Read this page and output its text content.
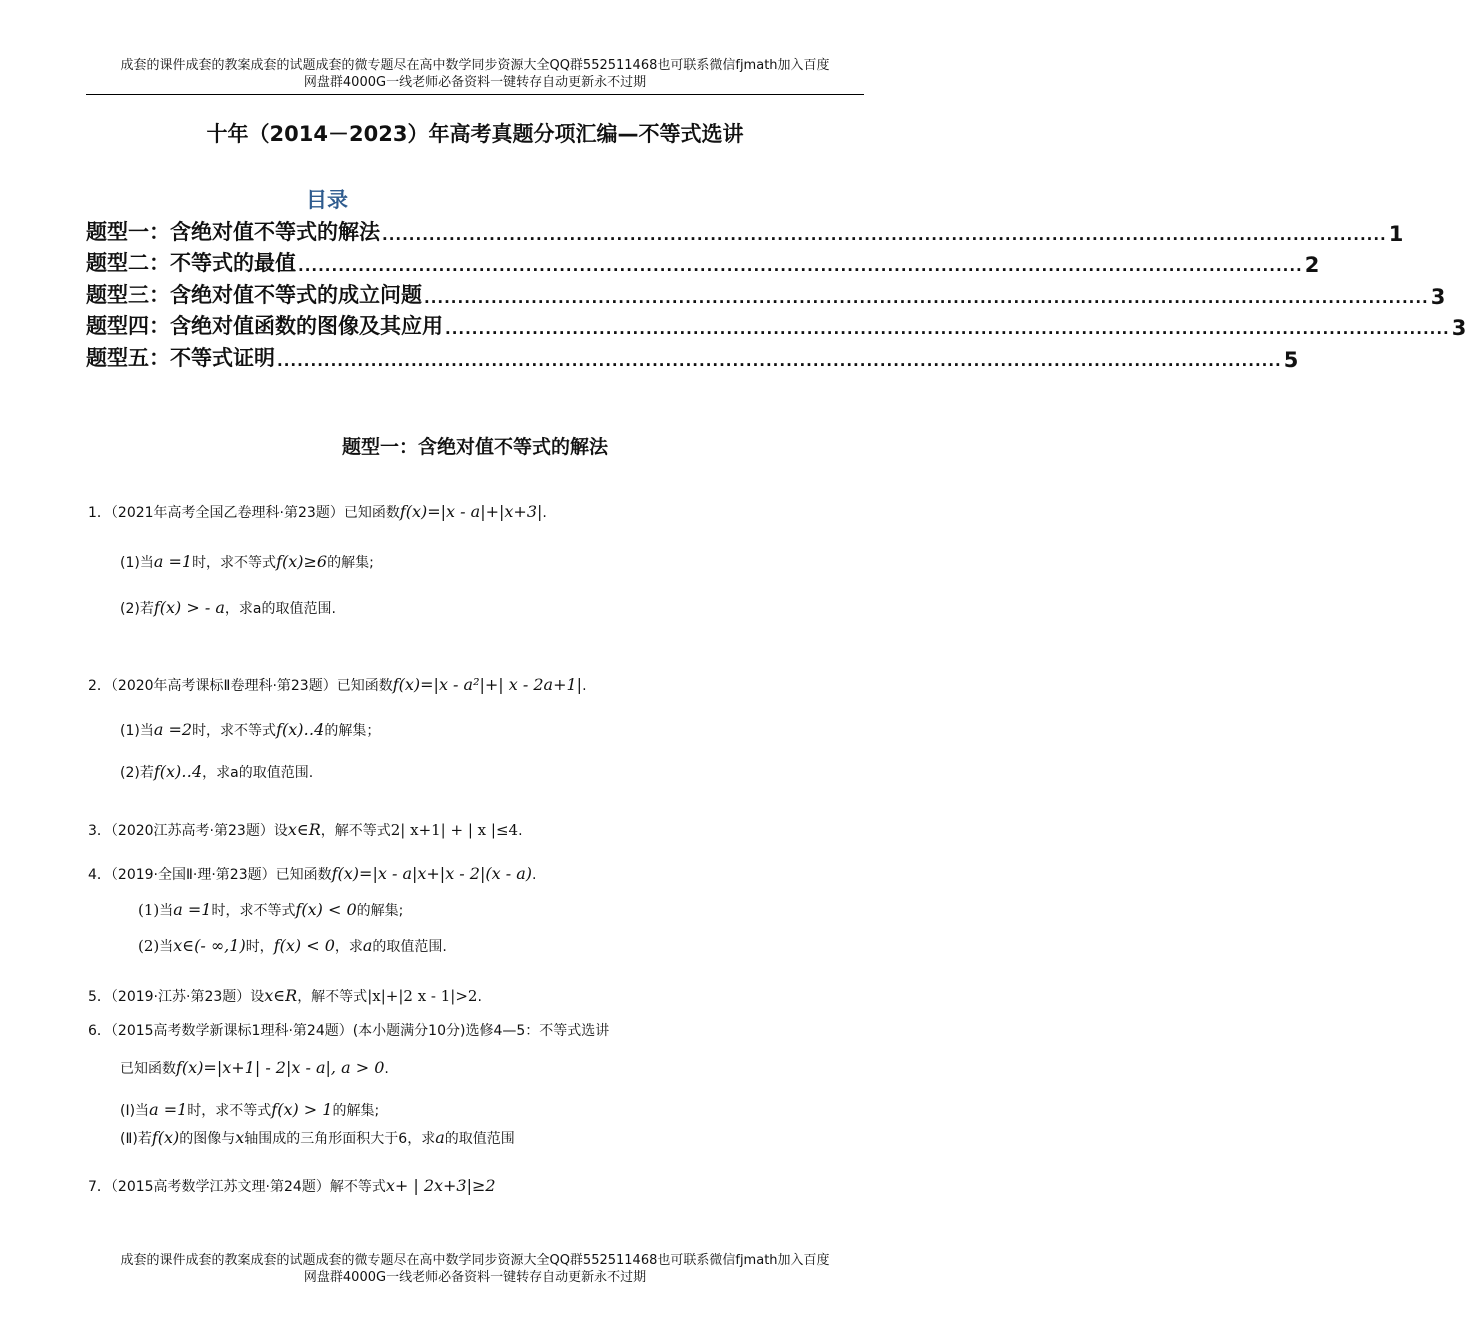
成套的课件成套的教案成套的试题成套的微专题尽在高中数学同步资源大全QQ群552511468也可联系微信fjmath加入百度
网盘群4000G一线老师必备资料一键转存自动更新永不过期
十年（2014－2023）年高考真题分项汇编—不等式选讲
目录
题型一：含绝对值不等式的解法 ...................................................................................................................................................... 1
题型二：不等式的最值 ...................................................................................................................................................... 2
题型三：含绝对值不等式的成立问题 ...................................................................................................................................................... 3
题型四：含绝对值函数的图像及其应用 ...................................................................................................................................................... 3
题型五：不等式证明 ...................................................................................................................................................... 5
题型一：含绝对值不等式的解法
1．（2021年高考全国乙卷理科·第23题）已知函数f(x)=|x - a|+|x+3|.
(1)当a =1时，求不等式f(x)≥6的解集;
(2)若f(x) > - a，求a的取值范围.
2．（2020年高考课标Ⅱ卷理科·第23题）已知函数f(x)=|x - a²|+| x - 2a+1|.
(1)当a =2时，求不等式f(x)‥4的解集；
(2)若f(x)‥4，求a的取值范围.
3．（2020江苏高考·第23题）设x∈R，解不等式2| x+1| + | x |≤4.
4．（2019·全国Ⅱ·理·第23题）已知函数f(x)=|x - a|x+|x - 2|(x - a).
(1)当a =1时，求不等式f(x) < 0的解集;
(2)当x∈(- ∞,1)时，f(x) < 0，求a的取值范围.
5．（2019·江苏·第23题）设x∈R，解不等式|x|+|2 x - 1|>2.
6．（2015高考数学新课标1理科·第24题）(本小题满分10分)选修4—5：不等式选讲
已知函数f(x)=|x+1| - 2|x - a|, a > 0.
(Ⅰ)当a =1时，求不等式f(x) > 1的解集;
(Ⅱ)若f(x)的图像与x轴围成的三角形面积大于6，求a的取值范围
7．（2015高考数学江苏文理·第24题）解不等式x+ | 2x+3|≥2
成套的课件成套的教案成套的试题成套的微专题尽在高中数学同步资源大全QQ群552511468也可联系微信fjmath加入百度
网盘群4000G一线老师必备资料一键转存自动更新永不过期
